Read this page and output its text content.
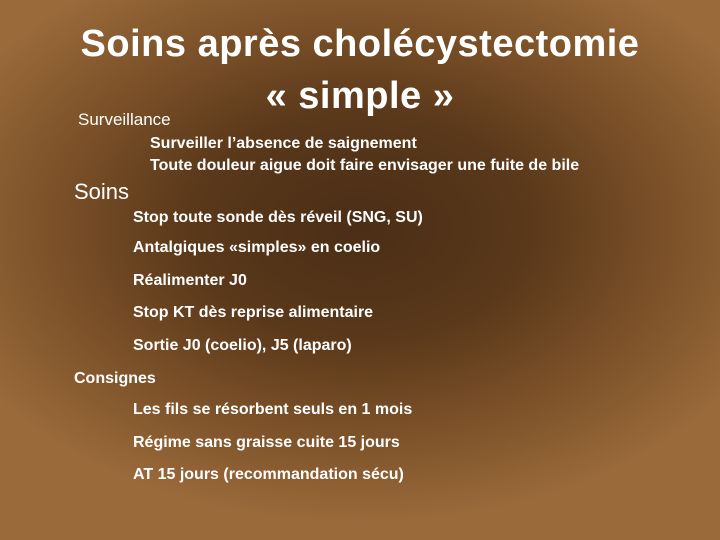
Soins après cholécystectomie
« simple »
Surveillance
Surveiller l’absence de saignement
Toute douleur aigue doit faire envisager une fuite de bile
Soins
Stop toute sonde dès réveil (SNG, SU)
Antalgiques «simples» en coelio
Réalimenter J0
Stop KT dès reprise alimentaire
Sortie J0 (coelio), J5 (laparo)
Consignes
Les fils se résorbent seuls en 1 mois
Régime sans graisse cuite 15 jours
AT 15 jours (recommandation sécu)
